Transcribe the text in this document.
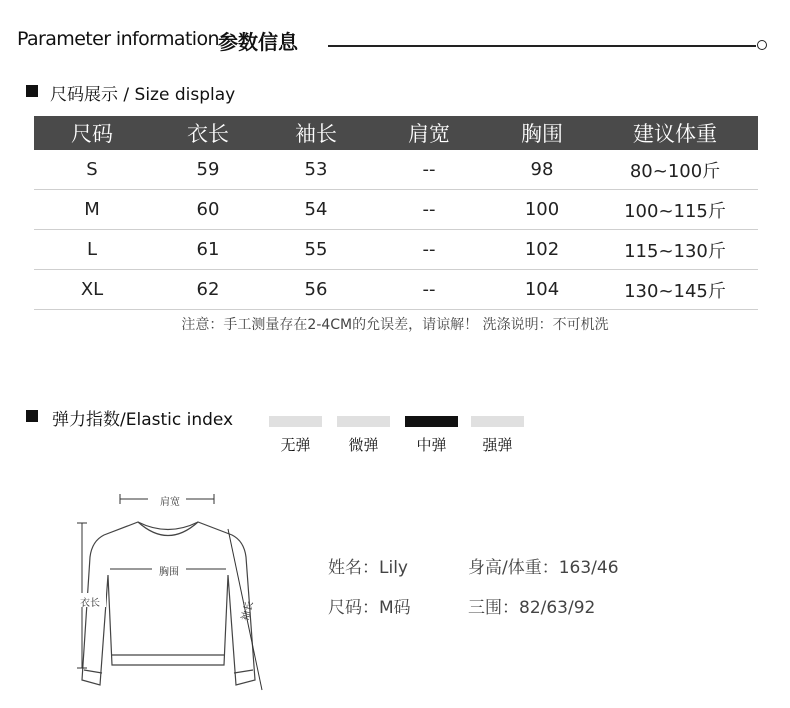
Parameter information 参数信息
尺码展示 / Size display
尺码	衣长	袖长	肩宽	胸围	建议体重
S	59	53	--	98	80~100斤
M	60	54	--	100	100~115斤
L	61	55	--	102	115~130斤
XL	62	56	--	104	130~145斤
注意：手工测量存在2-4CM的允误差，请谅解！ 洗涤说明：不可机洗
弹力指数/Elastic index
无弹	微弹	中弹	强弹
肩宽
胸围
衣长	袖长
姓名：Lily	身高/体重：163/46
尺码：M码	三围：82/63/92
